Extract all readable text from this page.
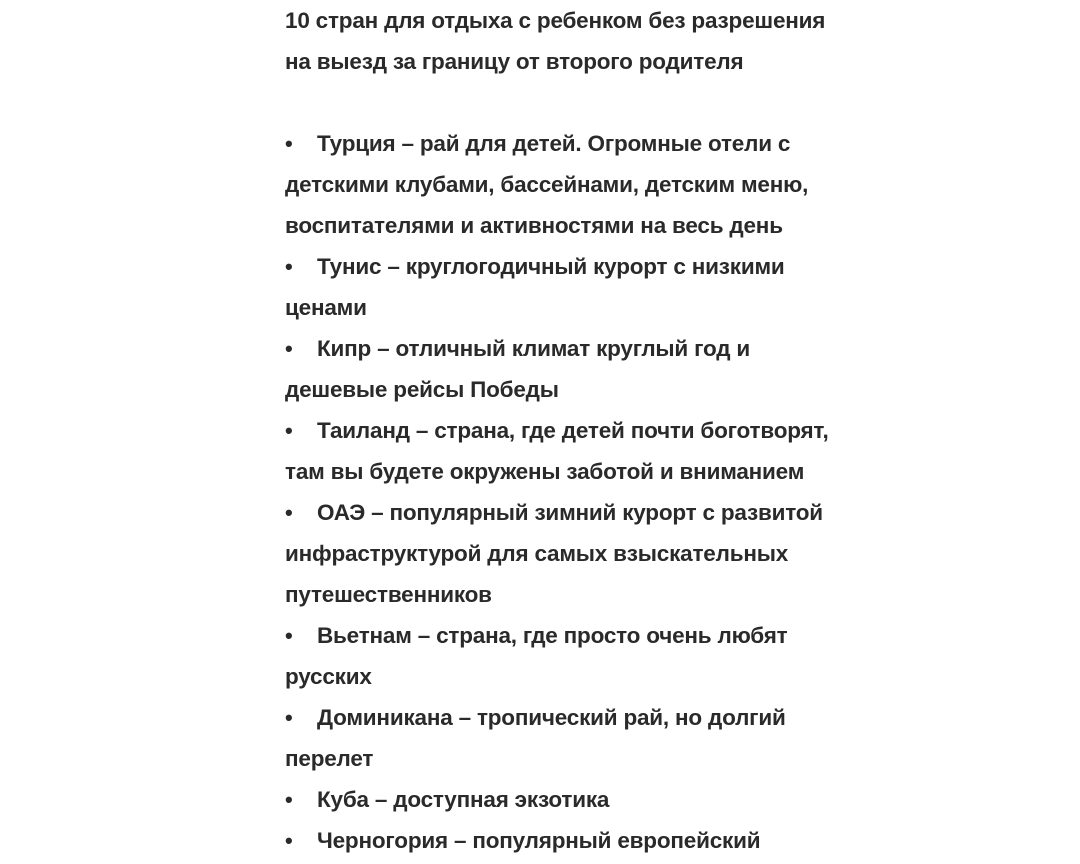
10 стран для отдыха с ребенком без разрешения
на выезд за границу от второго родителя
• Турция – рай для детей. Огромные отели с
детскими клубами, бассейнами, детским меню,
воспитателями и активностями на весь день
• Тунис – круглогодичный курорт с низкими
ценами
• Кипр – отличный климат круглый год и
дешевые рейсы Победы
• Таиланд – страна, где детей почти боготворят,
там вы будете окружены заботой и вниманием
• ОАЭ – популярный зимний курорт с развитой
инфраструктурой для самых взыскательных
путешественников
• Вьетнам – страна, где просто очень любят
русских
• Доминикана – тропический рай, но долгий
перелет
• Куба – доступная экзотика
• Черногория – популярный европейский
